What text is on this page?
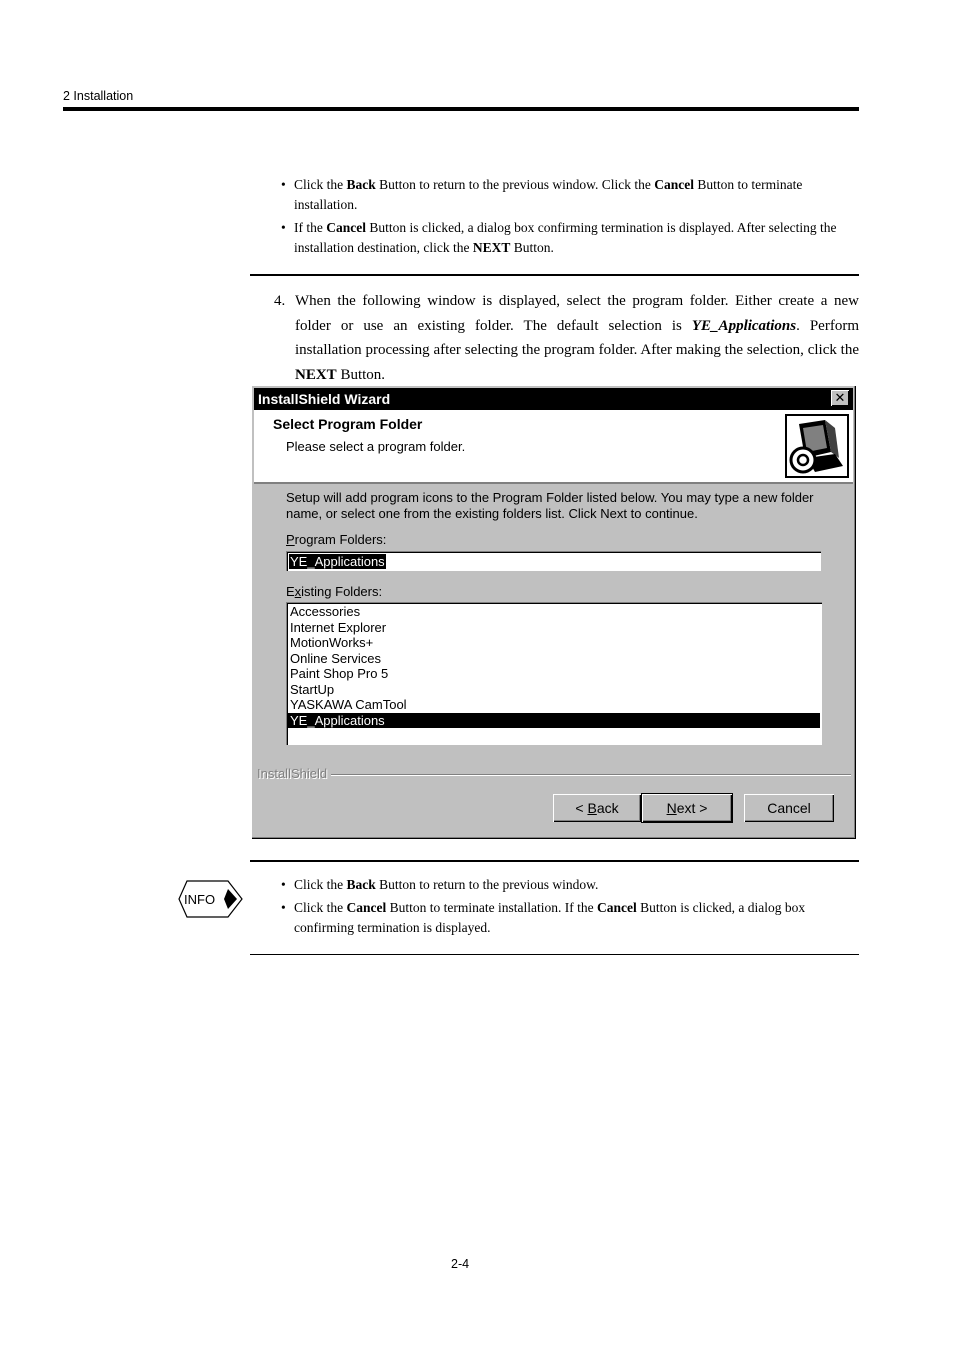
2 Installation
• Click the Back Button to return to the previous window. Click the Cancel Button to terminate installation.
• If the Cancel Button is clicked, a dialog box confirming termination is displayed. After selecting the installation destination, click the NEXT Button.
4. When the following window is displayed, select the program folder. Either create a new folder or use an existing folder. The default selection is YE_Applications. Perform installation processing after selecting the program folder. After making the selection, click the NEXT Button.
InstallShield Wizard	✕
Select Program Folder
Please select a program folder.
Setup will add program icons to the Program Folder listed below. You may type a new folder name, or select one from the existing folders list. Click Next to continue.
Program Folders:
YE_Applications
Existing Folders:
Accessories
Internet Explorer
MotionWorks+
Online Services
Paint Shop Pro 5
StartUp
YASKAWA CamTool
YE_Applications
InstallShield
< Back	Next >	Cancel
INFO
• Click the Back Button to return to the previous window.
• Click the Cancel Button to terminate installation. If the Cancel Button is clicked, a dialog box confirming termination is displayed.
2-4
